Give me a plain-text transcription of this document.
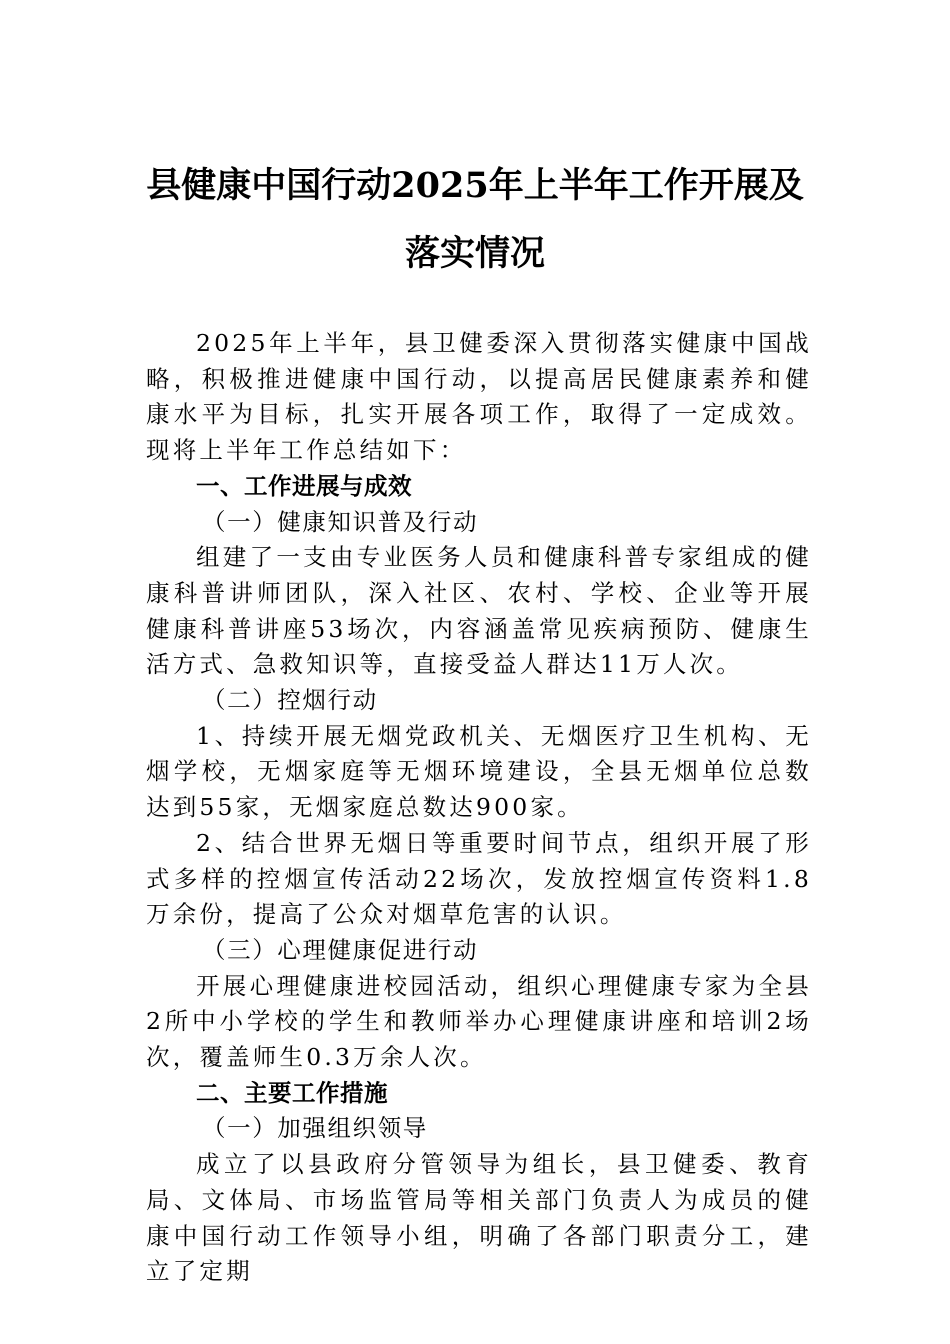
县健康中国行动2025年上半年工作开展及
落实情况

2025年上半年，县卫健委深入贯彻落实健康中国战略，积极推进健康中国行动，以提高居民健康素养和健康水平为目标，扎实开展各项工作，取得了一定成效。现将上半年工作总结如下：

一、工作进展与成效

（一）健康知识普及行动

组建了一支由专业医务人员和健康科普专家组成的健康科普讲师团队，深入社区、农村、学校、企业等开展健康科普讲座53场次，内容涵盖常见疾病预防、健康生活方式、急救知识等，直接受益人群达11万人次。

（二）控烟行动

1、持续开展无烟党政机关、无烟医疗卫生机构、无烟学校，无烟家庭等无烟环境建设，全县无烟单位总数达到55家，无烟家庭总数达900家。

2、结合世界无烟日等重要时间节点，组织开展了形式多样的控烟宣传活动22场次，发放控烟宣传资料1.8万余份，提高了公众对烟草危害的认识。

（三）心理健康促进行动

开展心理健康进校园活动，组织心理健康专家为全县2所中小学校的学生和教师举办心理健康讲座和培训2场次，覆盖师生0.3万余人次。

二、主要工作措施

（一）加强组织领导

成立了以县政府分管领导为组长，县卫健委、教育局、文体局、市场监管局等相关部门负责人为成员的健康中国行动工作领导小组，明确了各部门职责分工，建立了定期
